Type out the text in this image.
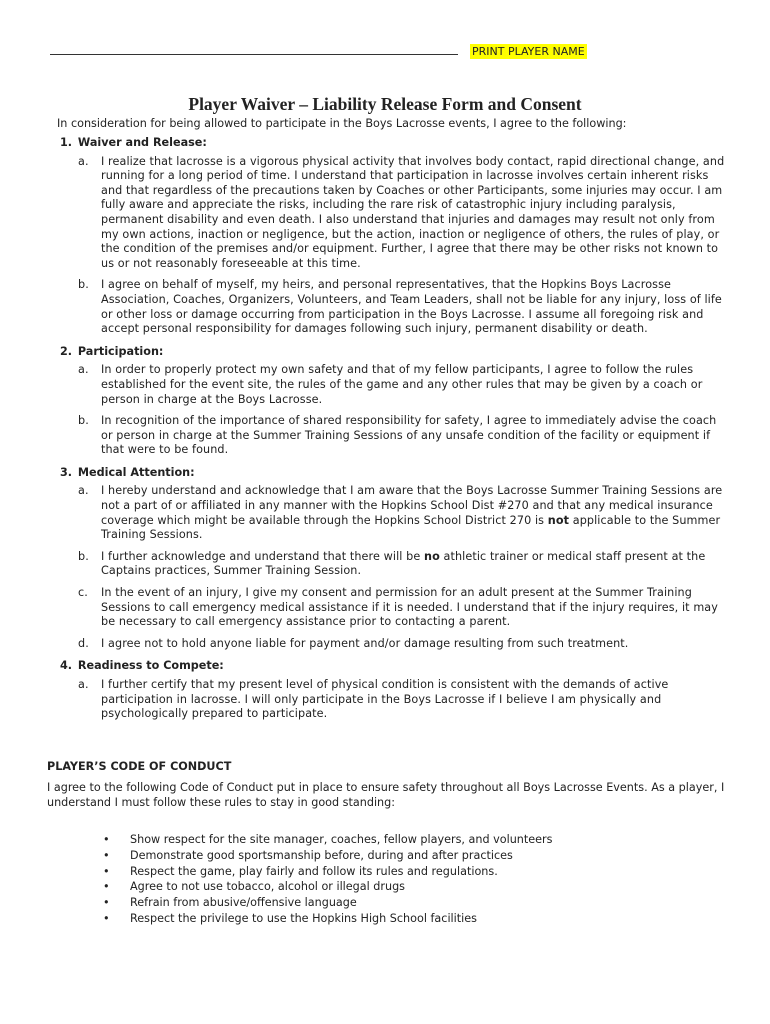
PRINT PLAYER NAME
Player Waiver – Liability Release Form and Consent
In consideration for being allowed to participate in the Boys Lacrosse events, I agree to the following:
1. Waiver and Release:
a. I realize that lacrosse is a vigorous physical activity that involves body contact, rapid directional change, and running for a long period of time. I understand that participation in lacrosse involves certain inherent risks and that regardless of the precautions taken by Coaches or other Participants, some injuries may occur. I am fully aware and appreciate the risks, including the rare risk of catastrophic injury including paralysis, permanent disability and even death. I also understand that injuries and damages may result not only from my own actions, inaction or negligence, but the action, inaction or negligence of others, the rules of play, or the condition of the premises and/or equipment. Further, I agree that there may be other risks not known to us or not reasonably foreseeable at this time.
b. I agree on behalf of myself, my heirs, and personal representatives, that the Hopkins Boys Lacrosse Association, Coaches, Organizers, Volunteers, and Team Leaders, shall not be liable for any injury, loss of life or other loss or damage occurring from participation in the Boys Lacrosse. I assume all foregoing risk and accept personal responsibility for damages following such injury, permanent disability or death.
2. Participation:
a. In order to properly protect my own safety and that of my fellow participants, I agree to follow the rules established for the event site, the rules of the game and any other rules that may be given by a coach or person in charge at the Boys Lacrosse.
b. In recognition of the importance of shared responsibility for safety, I agree to immediately advise the coach or person in charge at the Summer Training Sessions of any unsafe condition of the facility or equipment if that were to be found.
3. Medical Attention:
a. I hereby understand and acknowledge that I am aware that the Boys Lacrosse Summer Training Sessions are not a part of or affiliated in any manner with the Hopkins School Dist #270 and that any medical insurance coverage which might be available through the Hopkins School District 270 is not applicable to the Summer Training Sessions.
b. I further acknowledge and understand that there will be no athletic trainer or medical staff present at the Captains practices, Summer Training Session.
c. In the event of an injury, I give my consent and permission for an adult present at the Summer Training Sessions to call emergency medical assistance if it is needed. I understand that if the injury requires, it may be necessary to call emergency assistance prior to contacting a parent.
d. I agree not to hold anyone liable for payment and/or damage resulting from such treatment.
4. Readiness to Compete:
a. I further certify that my present level of physical condition is consistent with the demands of active participation in lacrosse. I will only participate in the Boys Lacrosse if I believe I am physically and psychologically prepared to participate.
PLAYER’S CODE OF CONDUCT
I agree to the following Code of Conduct put in place to ensure safety throughout all Boys Lacrosse Events. As a player, I understand I must follow these rules to stay in good standing:
• Show respect for the site manager, coaches, fellow players, and volunteers
• Demonstrate good sportsmanship before, during and after practices
• Respect the game, play fairly and follow its rules and regulations.
• Agree to not use tobacco, alcohol or illegal drugs
• Refrain from abusive/offensive language
• Respect the privilege to use the Hopkins High School facilities
